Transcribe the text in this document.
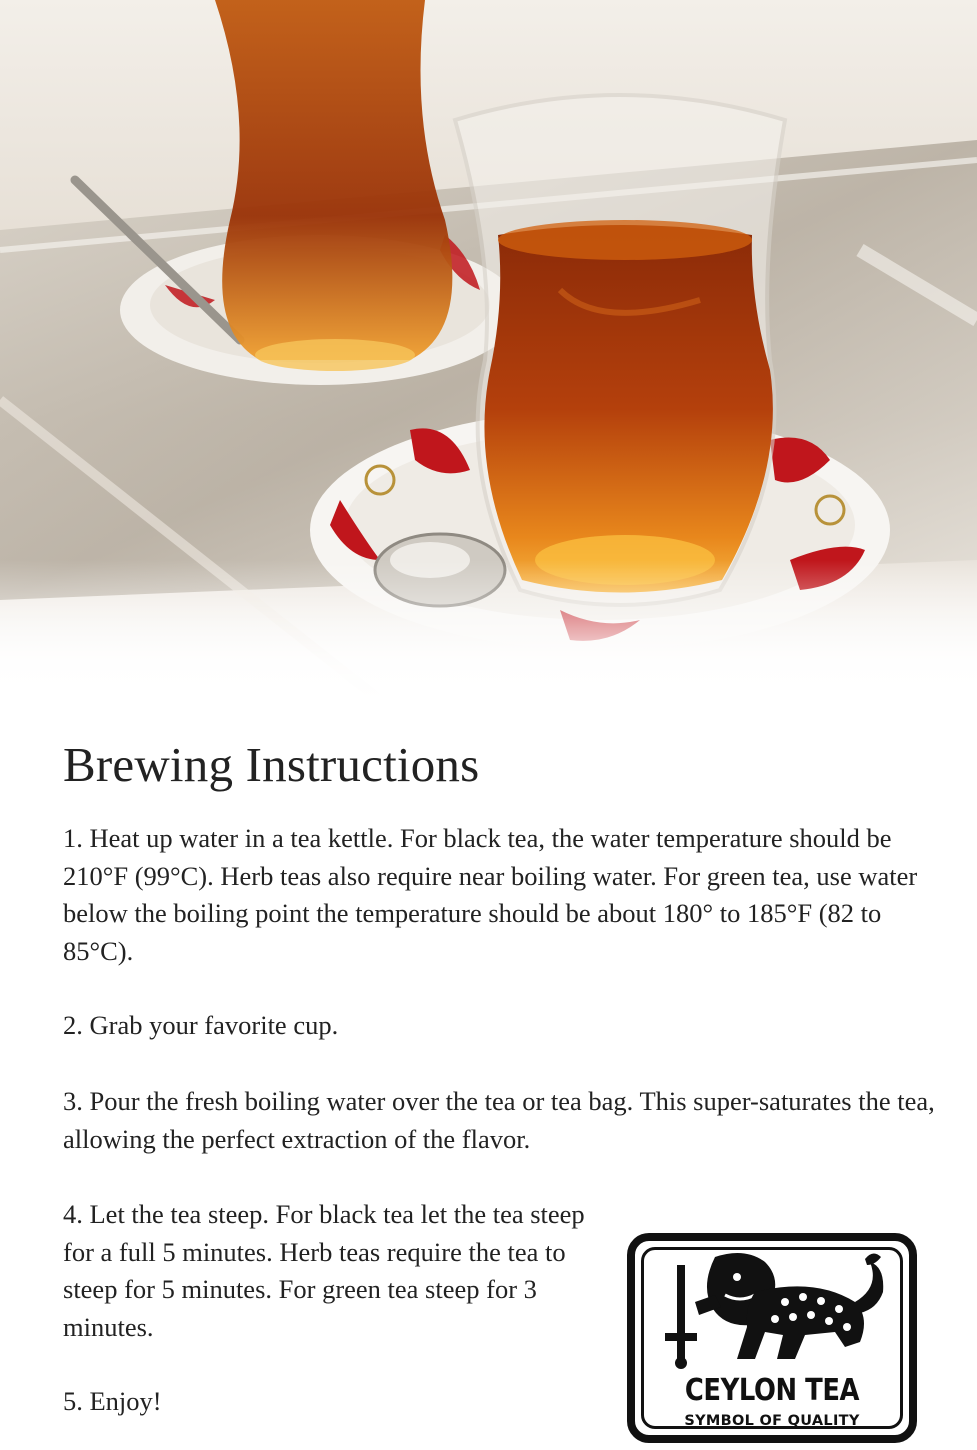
Brewing Instructions

1. Heat up water in a tea kettle. For black tea, the water temperature should be 210°F (99°C). Herb teas also require near boiling water. For green tea, use water below the boiling point the temperature should be about 180° to 185°F (82 to 85°C).

2. Grab your favorite cup.

3. Pour the fresh boiling water over the tea or tea bag. This super-saturates the tea, allowing the perfect extraction of the flavor.

4. Let the tea steep. For black tea let the tea steep for a full 5 minutes. Herb teas require the tea to steep for 5 minutes. For green tea steep for 3 minutes.

5. Enjoy!	CEYLON TEA
SYMBOL OF QUALITY
